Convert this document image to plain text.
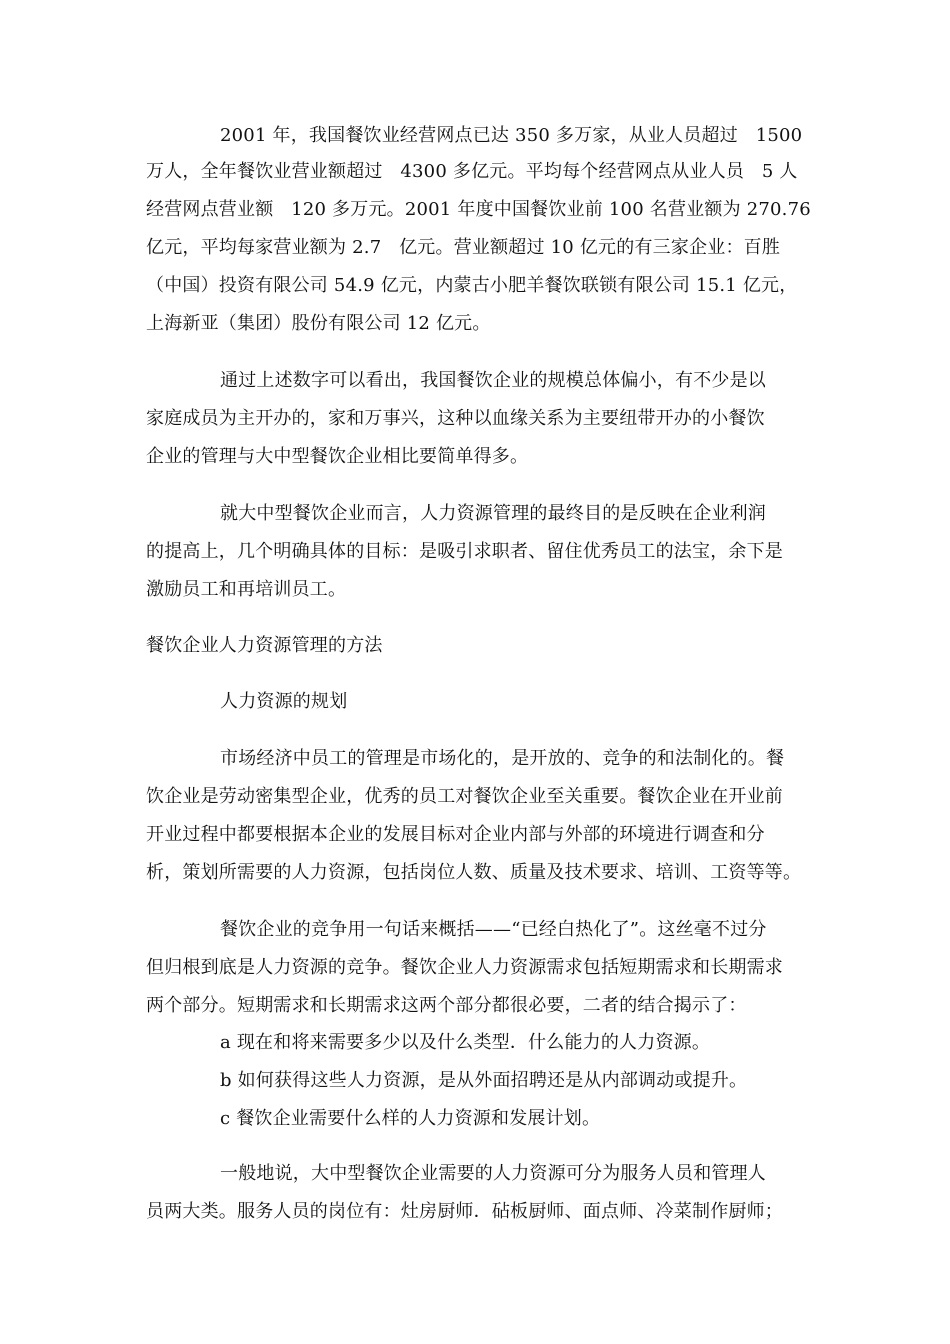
2001 年，我国餐饮业经营网点已达 350 多万家，从业人员超过   1500
万人，全年餐饮业营业额超过   4300 多亿元。平均每个经营网点从业人员   5 人
经营网点营业额   120 多万元。2001 年度中国餐饮业前 100 名营业额为 270.76
亿元，平均每家营业额为 2.7   亿元。营业额超过 10 亿元的有三家企业：百胜
（中国）投资有限公司 54.9 亿元，内蒙古小肥羊餐饮联锁有限公司 15.1 亿元，
上海新亚（集团）股份有限公司 12 亿元。
通过上述数字可以看出，我国餐饮企业的规模总体偏小，有不少是以
家庭成员为主开办的，家和万事兴，这种以血缘关系为主要纽带开办的小餐饮
企业的管理与大中型餐饮企业相比要简单得多。
就大中型餐饮企业而言，人力资源管理的最终目的是反映在企业利润
的提高上，几个明确具体的目标：是吸引求职者、留住优秀员工的法宝，余下是
激励员工和再培训员工。
餐饮企业人力资源管理的方法
人力资源的规划
市场经济中员工的管理是市场化的，是开放的、竞争的和法制化的。餐
饮企业是劳动密集型企业，优秀的员工对餐饮企业至关重要。餐饮企业在开业前
开业过程中都要根据本企业的发展目标对企业内部与外部的环境进行调查和分
析，策划所需要的人力资源，包括岗位人数、质量及技术要求、培训、工资等等。
餐饮企业的竞争用一句话来概括——“已经白热化了”。这丝毫不过分
但归根到底是人力资源的竞争。餐饮企业人力资源需求包括短期需求和长期需求
两个部分。短期需求和长期需求这两个部分都很必要，二者的结合揭示了：
a 现在和将来需要多少以及什么类型．什么能力的人力资源。
b 如何获得这些人力资源，是从外面招聘还是从内部调动或提升。
c 餐饮企业需要什么样的人力资源和发展计划。
一般地说，大中型餐饮企业需要的人力资源可分为服务人员和管理人
员两大类。服务人员的岗位有：灶房厨师．砧板厨师、面点师、冷菜制作厨师；
